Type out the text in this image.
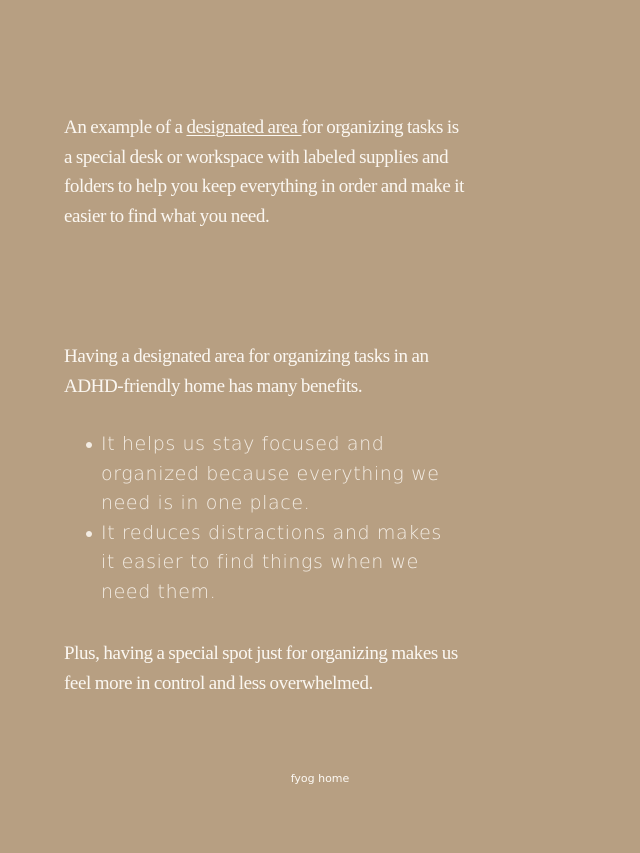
An example of a designated area for organizing tasks is a special desk or workspace with labeled supplies and folders to help you keep everything in order and make it easier to find what you need.

Having a designated area for organizing tasks in an ADHD-friendly home has many benefits.

It helps us stay focused and organized because everything we need is in one place.
It reduces distractions and makes it easier to find things when we need them.

Plus, having a special spot just for organizing makes us feel more in control and less overwhelmed.

fyog home
